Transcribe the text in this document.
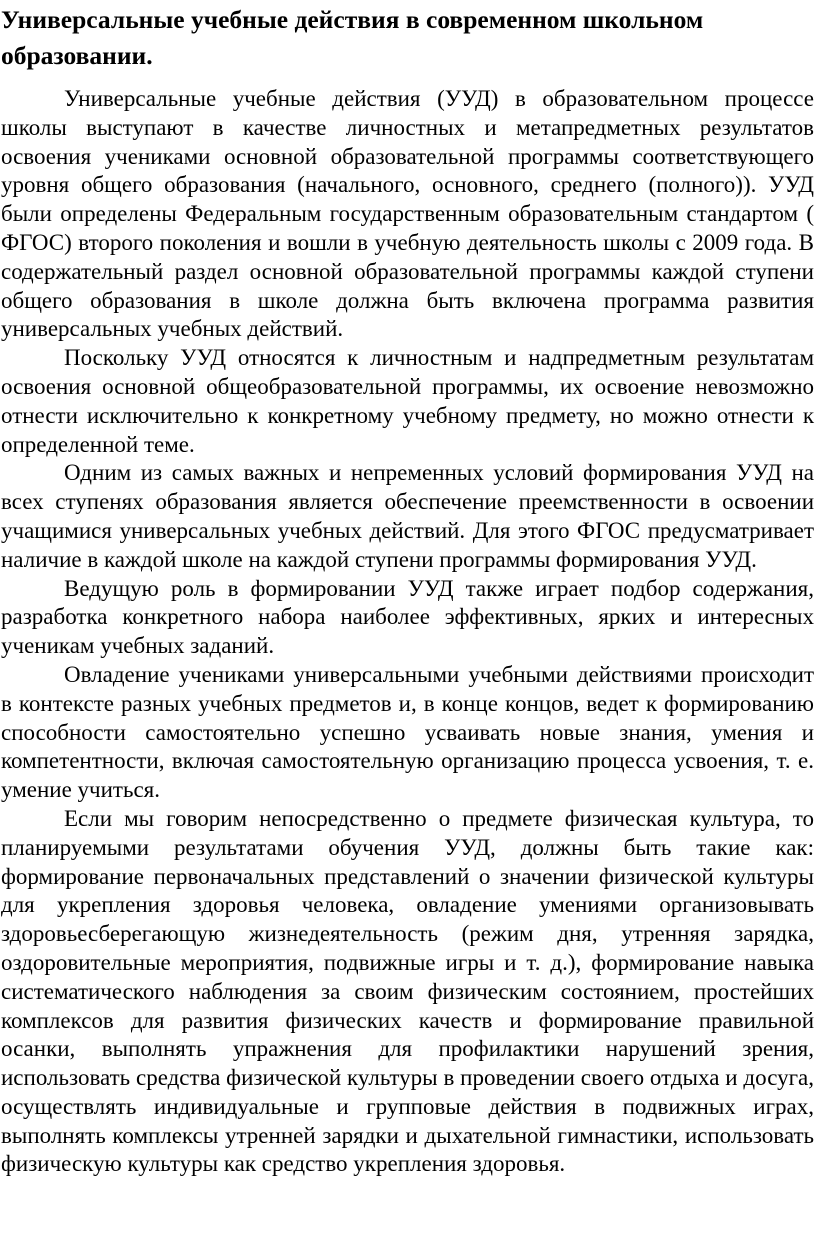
Универсальные учебные действия в современном школьном образовании.

Универсальные учебные действия (УУД) в образовательном процессе школы выступают в качестве личностных и метапредметных результатов освоения учениками основной образовательной программы соответствующего уровня общего образования (начального, основного, среднего (полного)). УУД были определены Федеральным государственным образовательным стандартом ( ФГОС) второго поколения и вошли в учебную деятельность школы с 2009 года. В содержательный раздел основной образовательной программы каждой ступени общего образования в школе должна быть включена программа развития универсальных учебных действий.

Поскольку УУД относятся к личностным и надпредметным результатам освоения основной общеобразовательной программы, их освоение невозможно отнести исключительно к конкретному учебному предмету, но можно отнести к определенной теме.

Одним из самых важных и непременных условий формирования УУД на всех ступенях образования является обеспечение преемственности в освоении учащимися универсальных учебных действий. Для этого ФГОС предусматривает наличие в каждой школе на каждой ступени программы формирования УУД.

Ведущую роль в формировании УУД также играет подбор содержания, разработка конкретного набора наиболее эффективных, ярких и интересных ученикам учебных заданий.

Овладение учениками универсальными учебными действиями происходит в контексте разных учебных предметов и, в конце концов, ведет к формированию способности самостоятельно успешно усваивать новые знания, умения и компетентности, включая самостоятельную организацию процесса усвоения, т. е. умение учиться.

Если мы говорим непосредственно о предмете физическая культура, то планируемыми результатами обучения УУД, должны быть такие как: формирование первоначальных представлений о значении физической культуры для укрепления здоровья человека, овладение умениями организовывать здоровьесберегающую жизнедеятельность (режим дня, утренняя зарядка, оздоровительные мероприятия, подвижные игры и т. д.), формирование навыка систематического наблюдения за своим физическим состоянием, простейших комплексов для развития физических качеств и формирование правильной осанки, выполнять упражнения для профилактики нарушений зрения, использовать средства физической культуры в проведении своего отдыха и досуга, осуществлять индивидуальные и групповые действия в подвижных играх, выполнять комплексы утренней зарядки и дыхательной гимнастики, использовать физическую культуры как средство укрепления здоровья.
